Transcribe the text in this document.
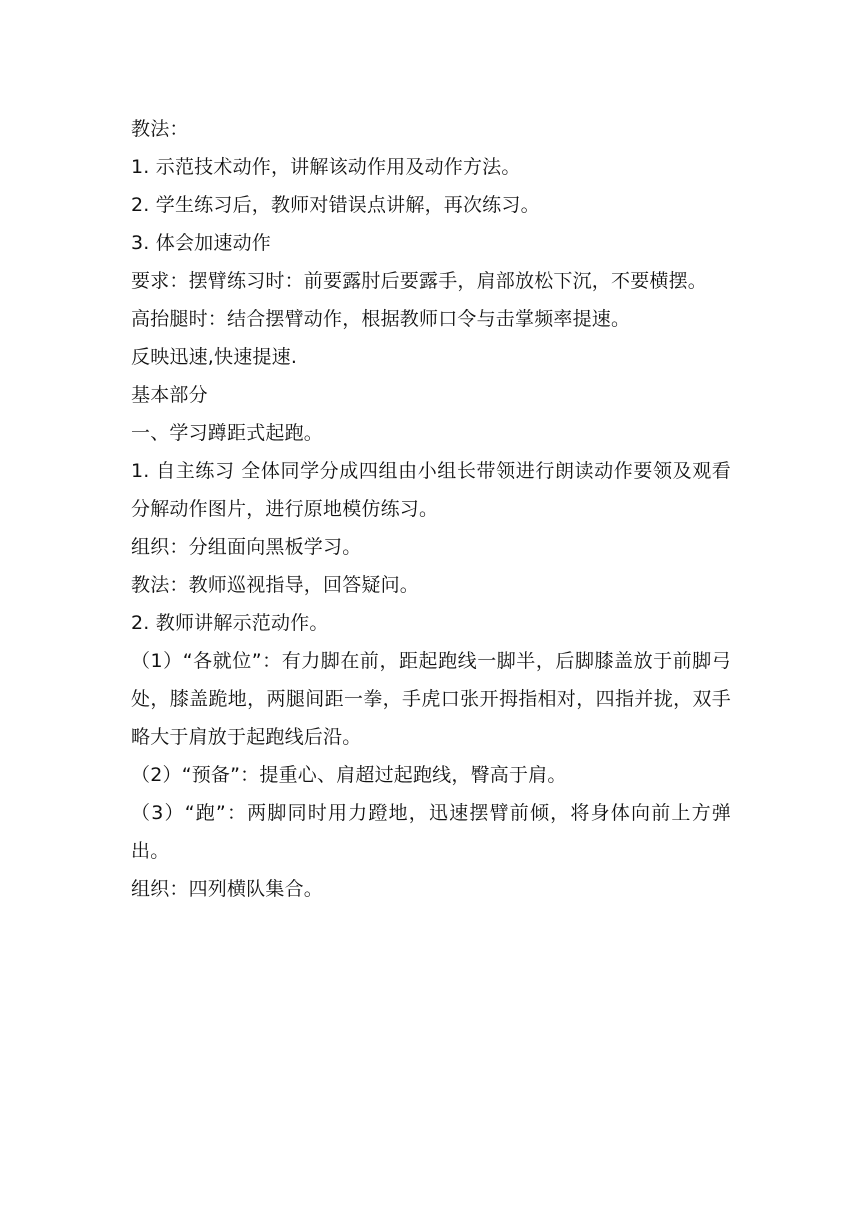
教法：

1. 示范技术动作，讲解该动作用及动作方法。

2. 学生练习后，教师对错误点讲解，再次练习。

3. 体会加速动作

要求：摆臂练习时：前要露肘后要露手，肩部放松下沉，不要横摆。

高抬腿时：结合摆臂动作，根据教师口令与击掌频率提速。

反映迅速,快速提速.

基本部分

一、学习蹲距式起跑。

1. 自主练习 全体同学分成四组由小组长带领进行朗读动作要领及观看分解动作图片，进行原地模仿练习。

组织：分组面向黑板学习。

教法：教师巡视指导，回答疑问。

2. 教师讲解示范动作。

（1）“各就位”：有力脚在前，距起跑线一脚半，后脚膝盖放于前脚弓处，膝盖跪地，两腿间距一拳，手虎口张开拇指相对，四指并拢，双手略大于肩放于起跑线后沿。

（2）“预备”：提重心、肩超过起跑线，臀高于肩。

（3）“跑”：两脚同时用力蹬地，迅速摆臂前倾，将身体向前上方弹出。

组织：四列横队集合。
